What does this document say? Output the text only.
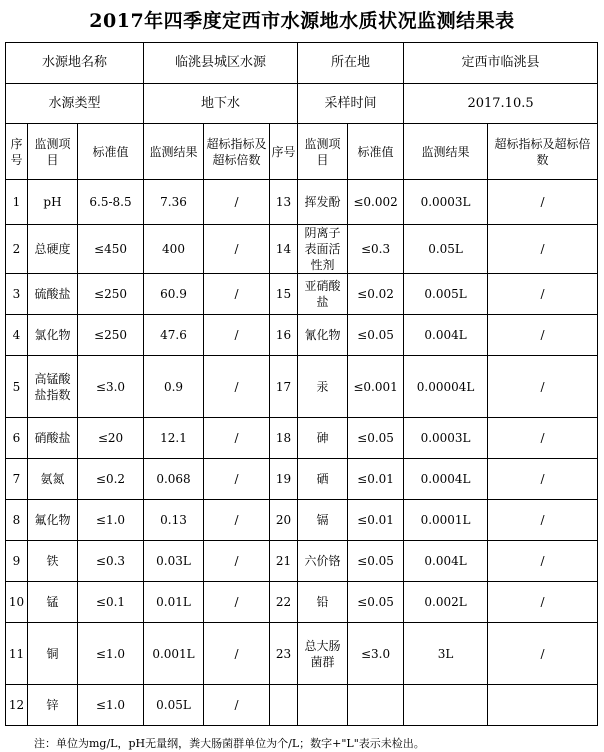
2017年四季度定西市水源地水质状况监测结果表
水源地名称			临洮县城区水源			所在地		定西市临洮县	
水源类型			地下水			采样时间		2017.10.5	
序号	监测项目	标准值	监测结果	超标指标及超标倍数	序号	监测项目	标准值	监测结果	超标指标及超标倍数
1	pH	6.5-8.5	7.36	/	13	挥发酚	≤0.002	0.0003L	/
2	总硬度	≤450	400	/	14	阴离子表面活性剂	≤0.3	0.05L	/
3	硫酸盐	≤250	60.9	/	15	亚硝酸盐	≤0.02	0.005L	/
4	氯化物	≤250	47.6	/	16	氰化物	≤0.05	0.004L	/
5	高锰酸盐指数	≤3.0	0.9	/	17	汞	≤0.001	0.00004L	/
6	硝酸盐	≤20	12.1	/	18	砷	≤0.05	0.0003L	/
7	氨氮	≤0.2	0.068	/	19	硒	≤0.01	0.0004L	/
8	氟化物	≤1.0	0.13	/	20	镉	≤0.01	0.0001L	/
9	铁	≤0.3	0.03L	/	21	六价铬	≤0.05	0.004L	/
10	锰	≤0.1	0.01L	/	22	铅	≤0.05	0.002L	/
11	铜	≤1.0	0.001L	/	23	总大肠菌群	≤3.0	3L	/
12	锌	≤1.0	0.05L	/					
注：单位为mg/L，pH无量纲，粪大肠菌群单位为个/L；数字+"L"表示未检出。
